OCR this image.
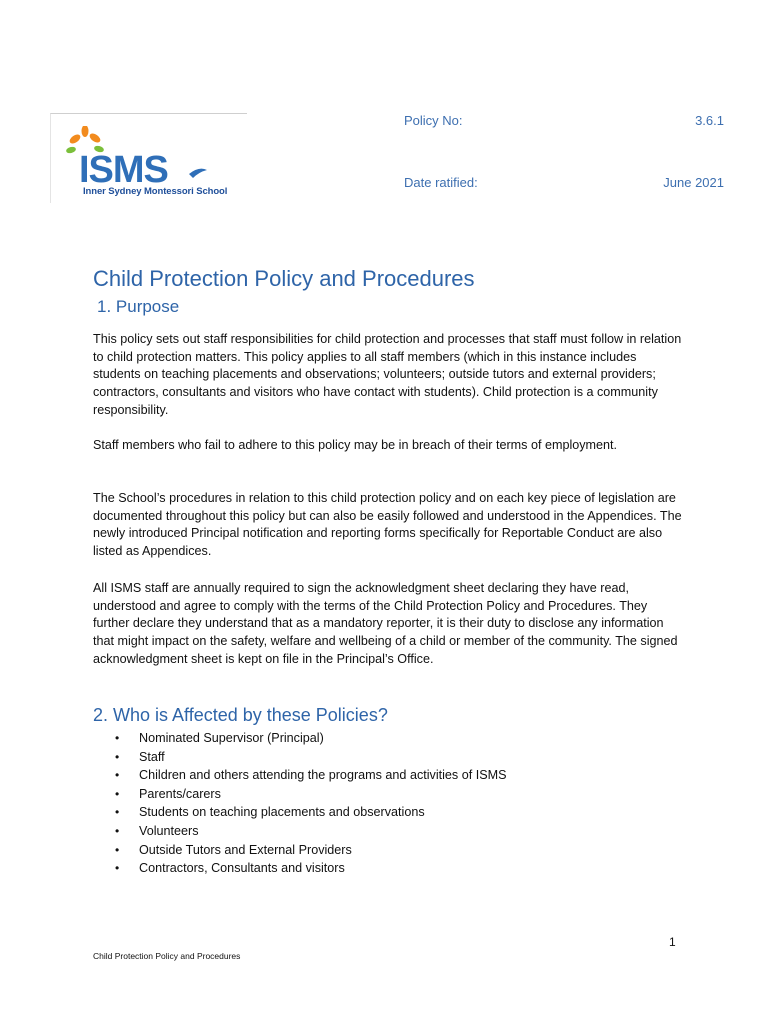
ISMS
Inner Sydney Montessori School
Policy No:	3.6.1
Date ratified:	June 2021
Child Protection Policy and Procedures
1. Purpose

This policy sets out staff responsibilities for child protection and processes that staff must follow in relation to child protection matters. This policy applies to all staff members (which in this instance includes students on teaching placements and observations; volunteers; outside tutors and external providers; contractors, consultants and visitors who have contact with students). Child protection is a community responsibility.

Staff members who fail to adhere to this policy may be in breach of their terms of employment.

The School’s procedures in relation to this child protection policy and on each key piece of legislation are documented throughout this policy but can also be easily followed and understood in the Appendices. The newly introduced Principal notification and reporting forms specifically for Reportable Conduct are also listed as Appendices.

All ISMS staff are annually required to sign the acknowledgment sheet declaring they have read, understood and agree to comply with the terms of the Child Protection Policy and Procedures. They further declare they understand that as a mandatory reporter, it is their duty to disclose any information that might impact on the safety, welfare and wellbeing of a child or member of the community. The signed acknowledgment sheet is kept on file in the Principal’s Office.

2. Who is Affected by these Policies?
• Nominated Supervisor (Principal)
• Staff
• Children and others attending the programs and activities of ISMS
• Parents/carers
• Students on teaching placements and observations
• Volunteers
• Outside Tutors and External Providers
• Contractors, Consultants and visitors
1
Child Protection Policy and Procedures
